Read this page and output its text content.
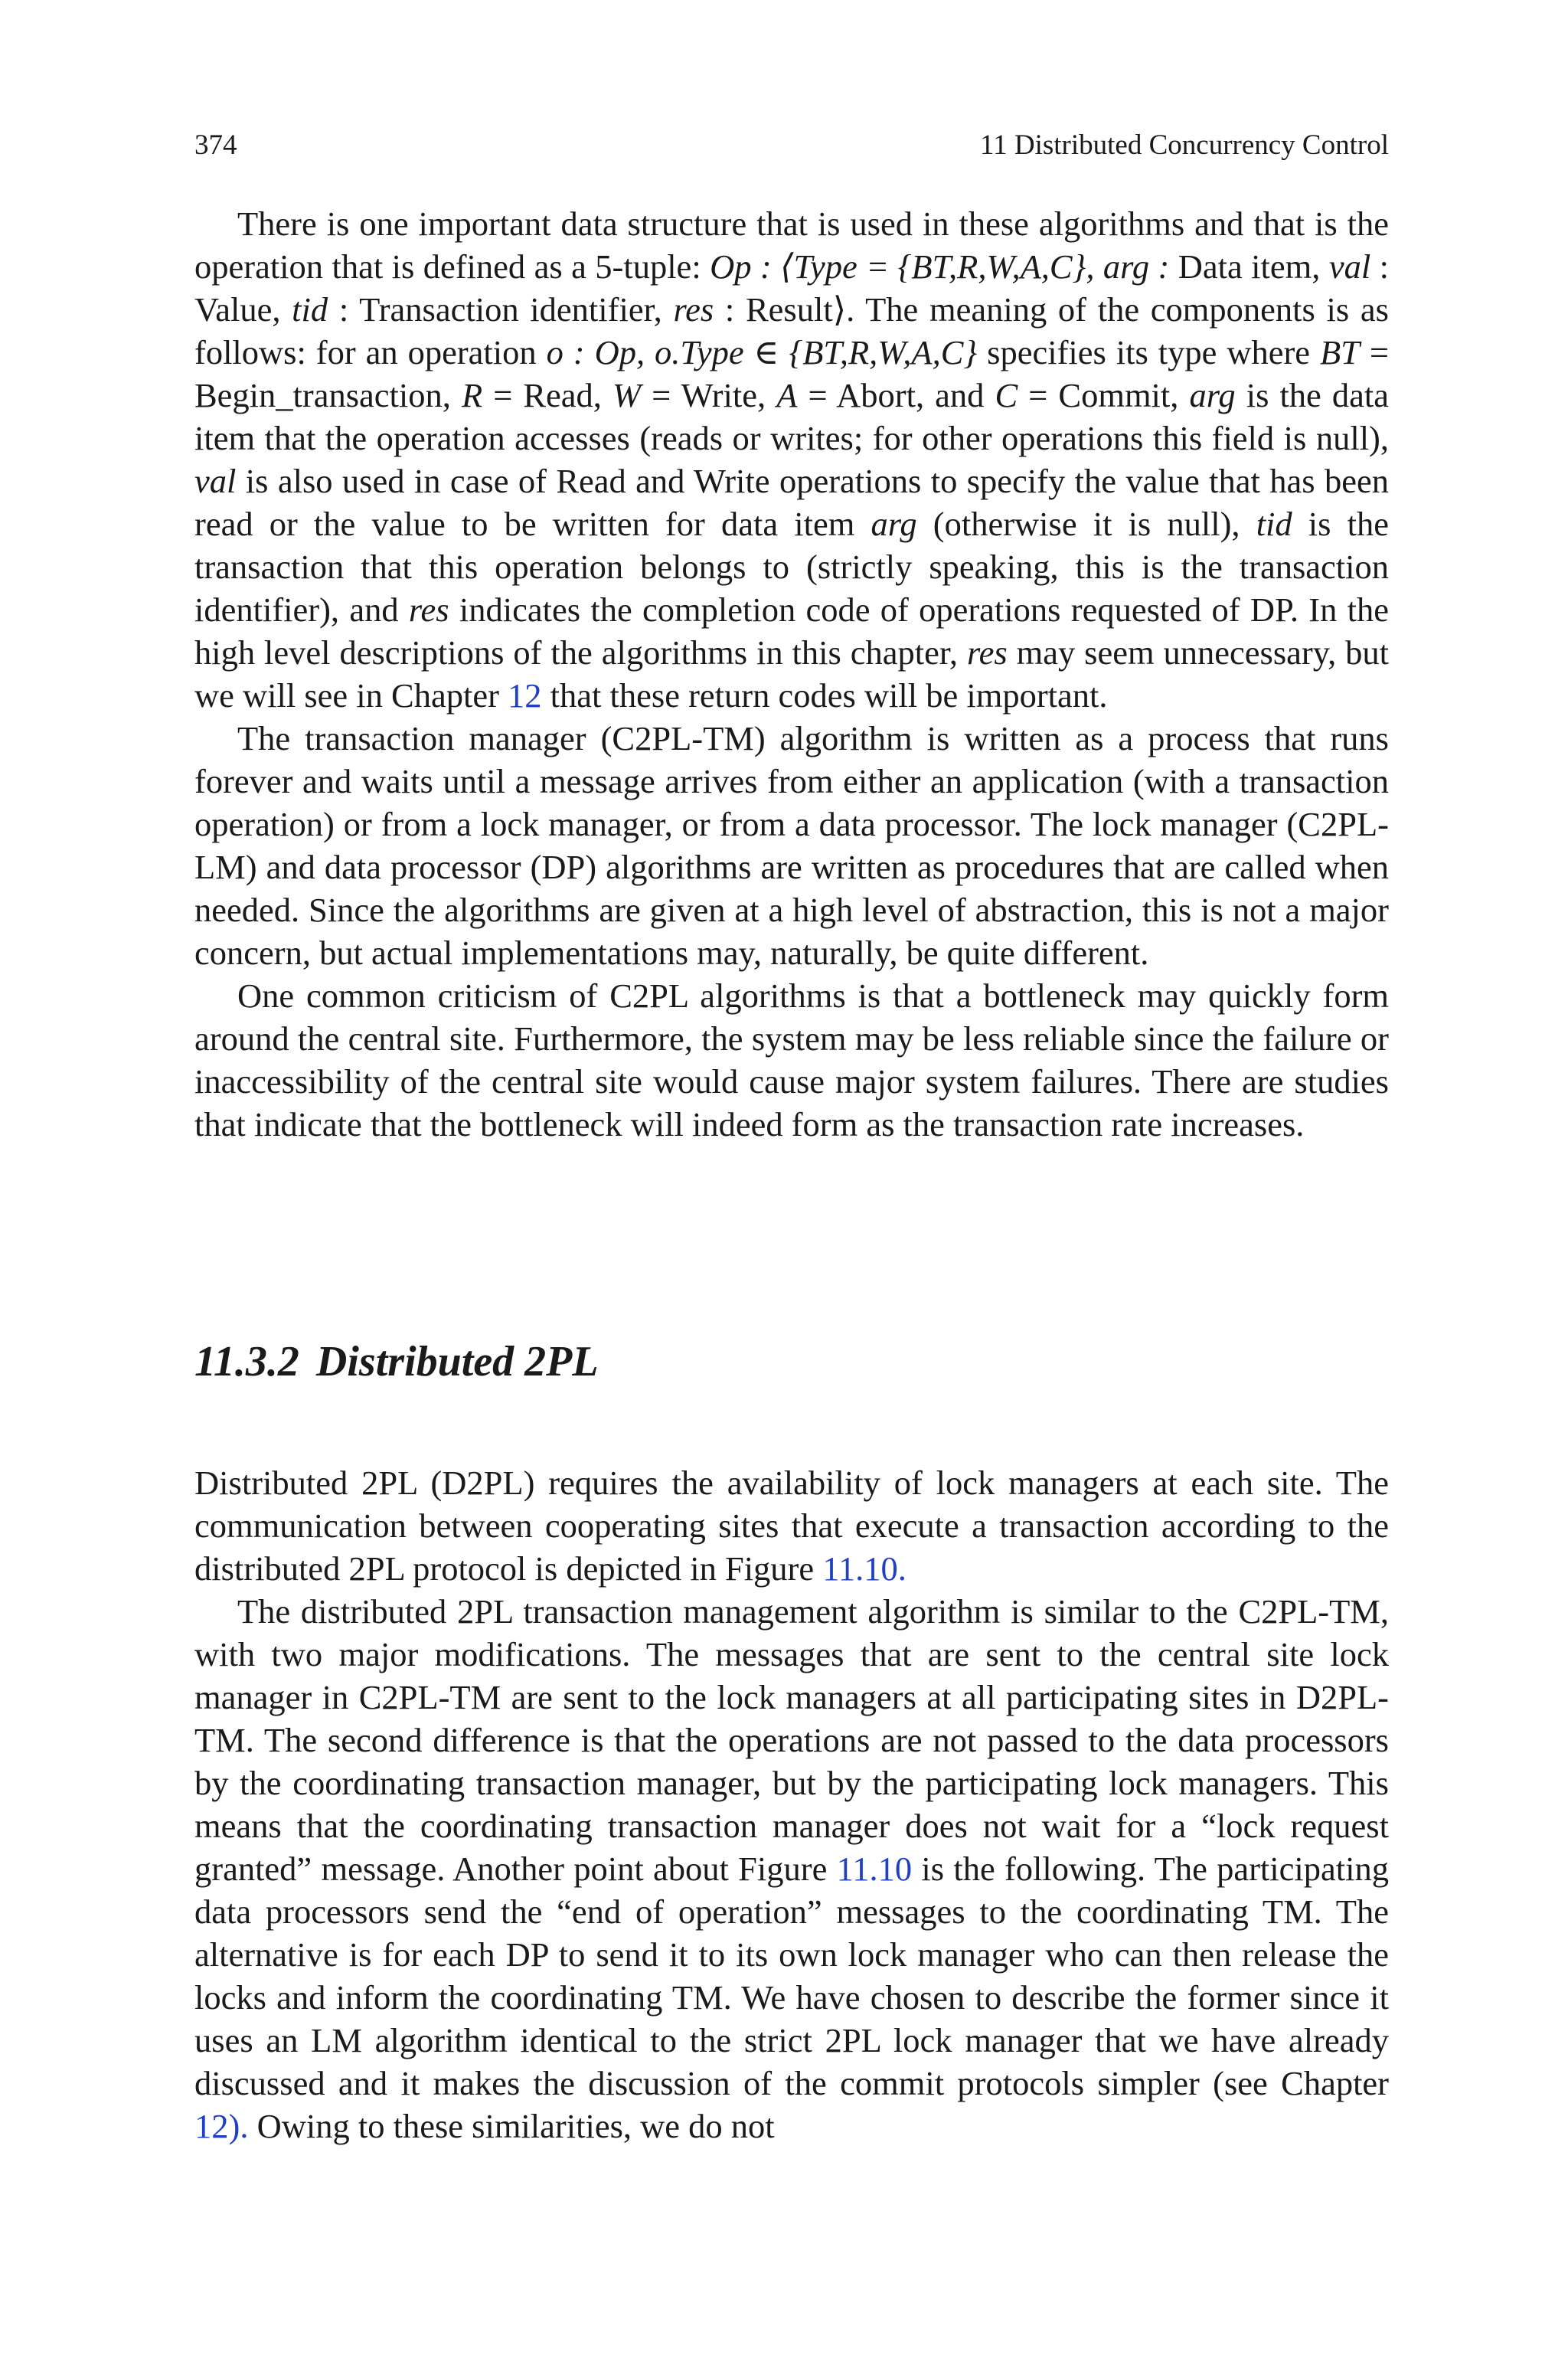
374	11 Distributed Concurrency Control

There is one important data structure that is used in these algorithms and that is the operation that is defined as a 5-tuple: Op : ⟨Type = {BT,R,W,A,C}, arg : Data item, val : Value, tid : Transaction identifier, res : Result⟩. The meaning of the components is as follows: for an operation o : Op, o.Type ∈ {BT,R,W,A,C} specifies its type where BT = Begin_transaction, R = Read, W = Write, A = Abort, and C = Commit, arg is the data item that the operation accesses (reads or writes; for other operations this field is null), val is also used in case of Read and Write operations to specify the value that has been read or the value to be written for data item arg (otherwise it is null), tid is the transaction that this operation belongs to (strictly speaking, this is the transaction identifier), and res indicates the completion code of operations requested of DP. In the high level descriptions of the algorithms in this chapter, res may seem unnecessary, but we will see in Chapter 12 that these return codes will be important.

The transaction manager (C2PL-TM) algorithm is written as a process that runs forever and waits until a message arrives from either an application (with a transaction operation) or from a lock manager, or from a data processor. The lock manager (C2PL-LM) and data processor (DP) algorithms are written as procedures that are called when needed. Since the algorithms are given at a high level of abstraction, this is not a major concern, but actual implementations may, naturally, be quite different.

One common criticism of C2PL algorithms is that a bottleneck may quickly form around the central site. Furthermore, the system may be less reliable since the failure or inaccessibility of the central site would cause major system failures. There are studies that indicate that the bottleneck will indeed form as the transaction rate increases.

11.3.2 Distributed 2PL

Distributed 2PL (D2PL) requires the availability of lock managers at each site. The communication between cooperating sites that execute a transaction according to the distributed 2PL protocol is depicted in Figure 11.10.

The distributed 2PL transaction management algorithm is similar to the C2PL-TM, with two major modifications. The messages that are sent to the central site lock manager in C2PL-TM are sent to the lock managers at all participating sites in D2PL-TM. The second difference is that the operations are not passed to the data processors by the coordinating transaction manager, but by the participating lock managers. This means that the coordinating transaction manager does not wait for a “lock request granted” message. Another point about Figure 11.10 is the following. The participating data processors send the “end of operation” messages to the coordinating TM. The alternative is for each DP to send it to its own lock manager who can then release the locks and inform the coordinating TM. We have chosen to describe the former since it uses an LM algorithm identical to the strict 2PL lock manager that we have already discussed and it makes the discussion of the commit protocols simpler (see Chapter 12). Owing to these similarities, we do not
